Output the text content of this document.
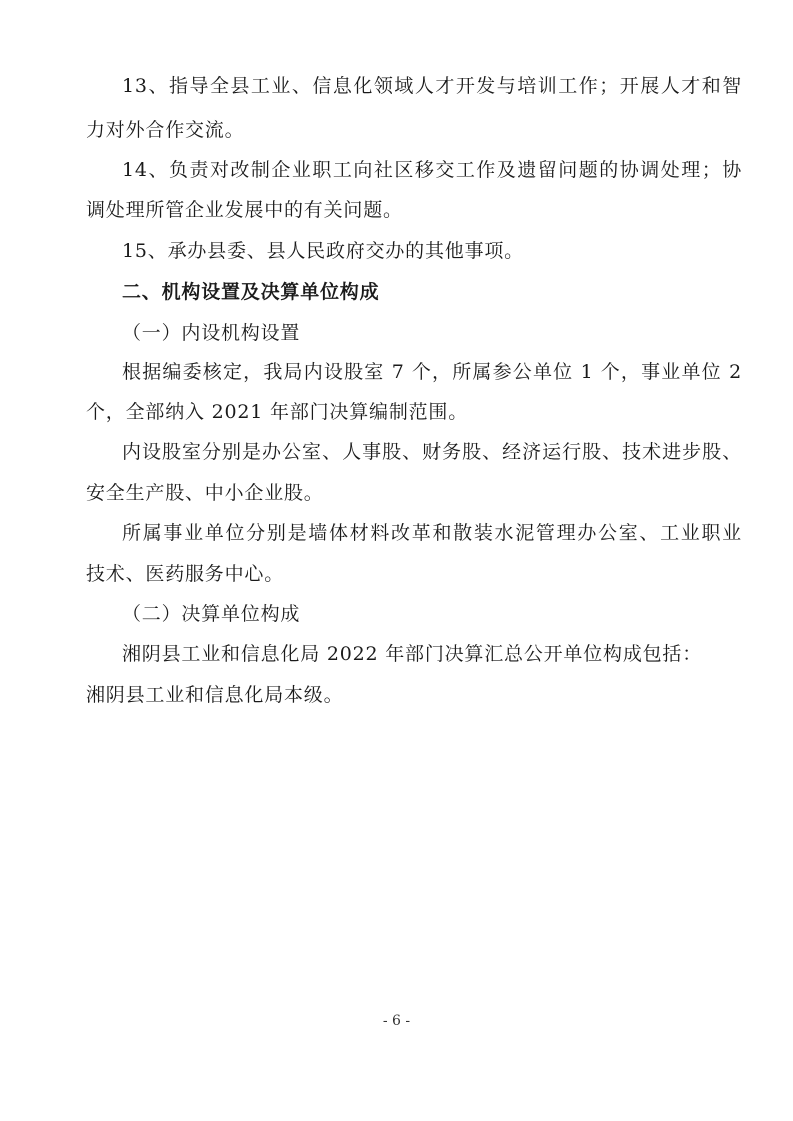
13、指导全县工业、信息化领域人才开发与培训工作；开展人才和智
力对外合作交流。
14、负责对改制企业职工向社区移交工作及遗留问题的协调处理；协
调处理所管企业发展中的有关问题。
15、承办县委、县人民政府交办的其他事项。
二、机构设置及决算单位构成
（一）内设机构设置
根据编委核定，我局内设股室 7 个，所属参公单位 1 个，事业单位 2
个，全部纳入 2021 年部门决算编制范围。
内设股室分别是办公室、人事股、财务股、经济运行股、技术进步股、
安全生产股、中小企业股。
所属事业单位分别是墙体材料改革和散装水泥管理办公室、工业职业
技术、医药服务中心。
（二）决算单位构成
湘阴县工业和信息化局 2022 年部门决算汇总公开单位构成包括：
湘阴县工业和信息化局本级。
- 6 -
